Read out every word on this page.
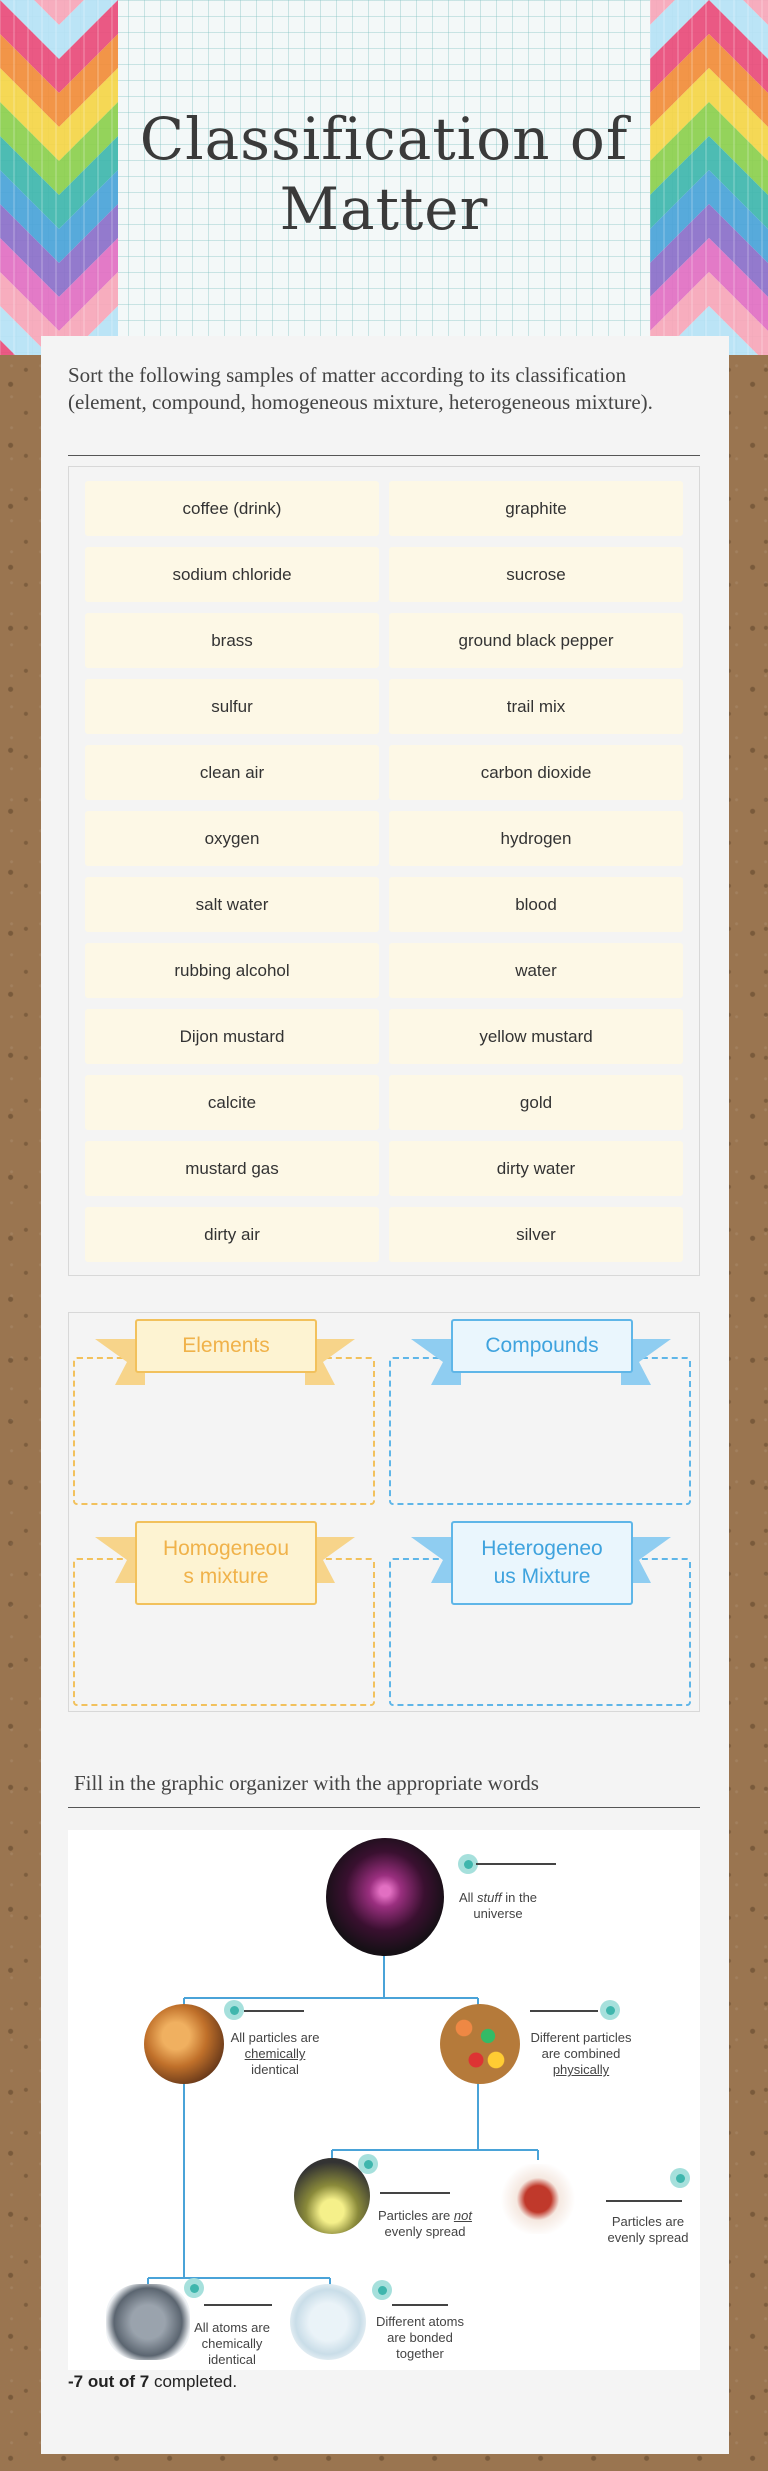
Classification of
Matter
Sort the following samples of matter according to its classification (element, compound, homogeneous mixture, heterogeneous mixture).
coffee (drink)	graphite
sodium chloride	sucrose
brass	ground black pepper
sulfur	trail mix
clean air	carbon dioxide
oxygen	hydrogen
salt water	blood
rubbing alcohol	water
Dijon mustard	yellow mustard
calcite	gold
mustard gas	dirty water
dirty air	silver
Elements	Compounds
Homogeneou
s mixture
Heterogeneo
us Mixture
Fill in the graphic organizer with the appropriate words
All stuff in the
universe
All particles are
chemically
identical
Different particles
are combined
physically
Particles are not
evenly spread
Particles are
evenly spread
All atoms are
chemically
identical
Different atoms
are bonded
together
-7 out of 7 completed.
